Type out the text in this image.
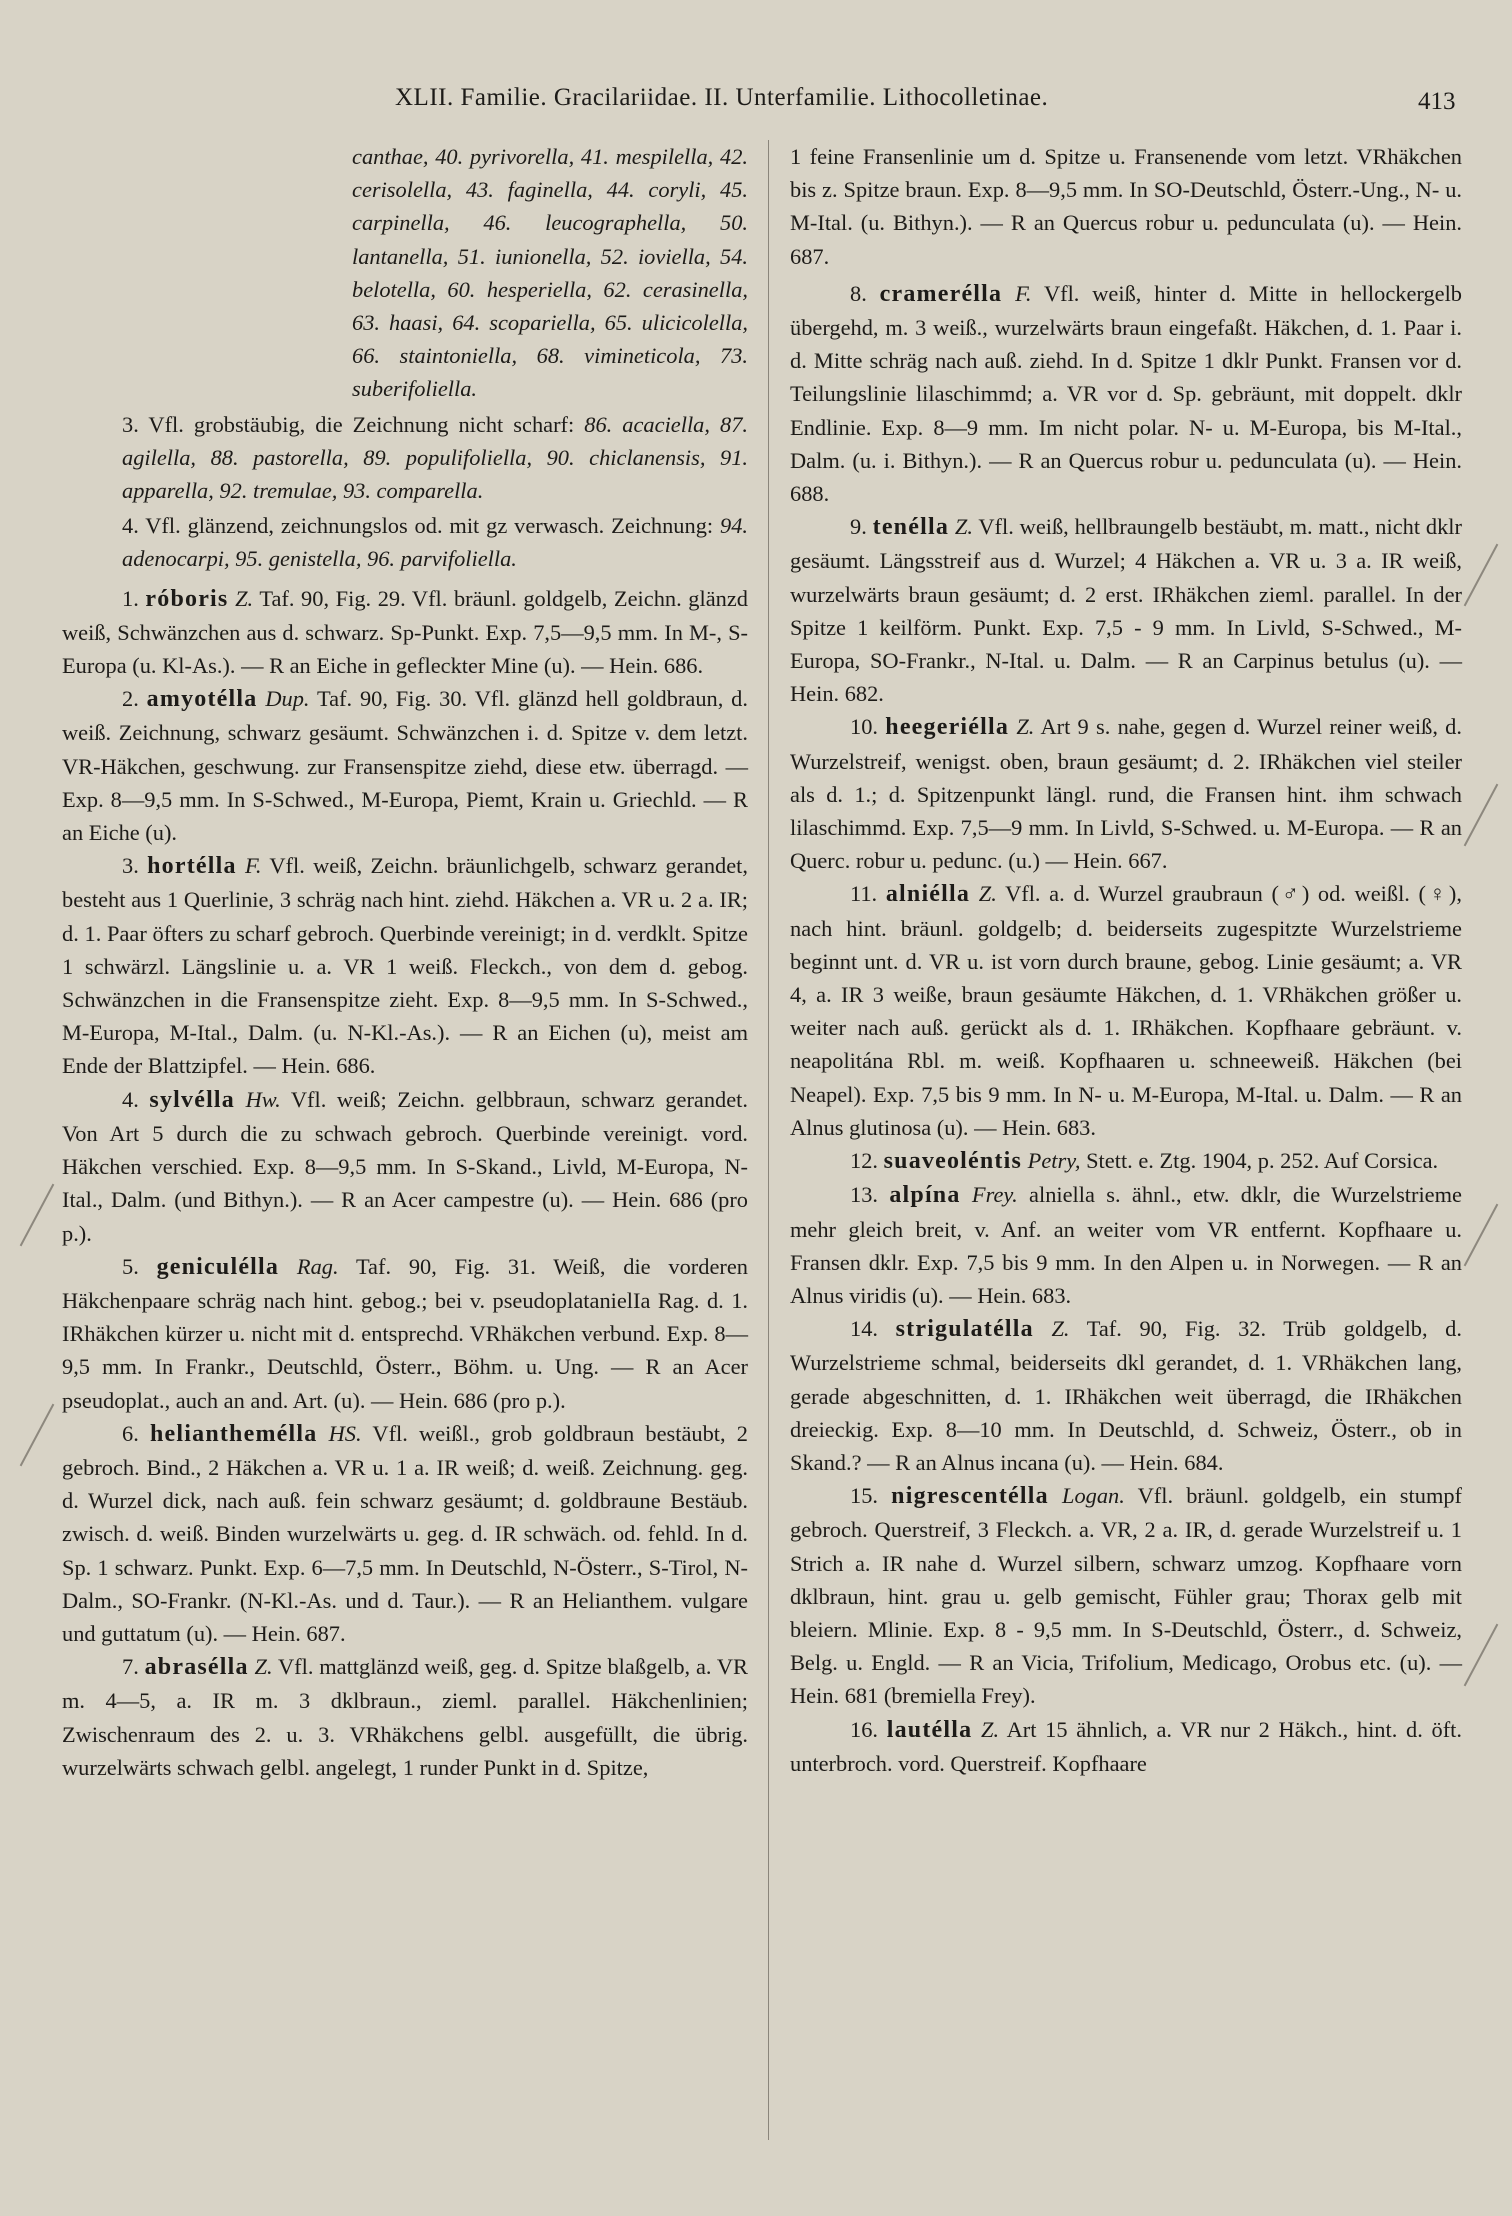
XLII. Familie. Gracilariidae. II. Unterfamilie. Lithocolletinae.	413

canthae, 40. pyrivorella, 41. mespilella, 42. cerisolella, 43. faginella, 44. coryli, 45. carpinella, 46. leucographella, 50. lantanella, 51. iunionella, 52. ioviella, 54. belotella, 60. hesperiella, 62. cerasinella, 63. haasi, 64. scopariella, 65. ulicicolella, 66. staintoniella, 68. vimineticola, 73. suberifoliella.

3. Vfl. grobstäubig, die Zeichnung nicht scharf: 86. acaciella, 87. agilella, 88. pastorella, 89. populifoliella, 90. chiclanensis, 91. apparella, 92. tremulae, 93. comparella.

4. Vfl. glänzend, zeichnungslos od. mit gz verwasch. Zeichnung: 94. adenocarpi, 95. genistella, 96. parvifoliella.

1. róboris Z. Taf. 90, Fig. 29. Vfl. bräunl. goldgelb, Zeichn. glänzd weiß, Schwänzchen aus d. schwarz. Sp-Punkt. Exp. 7,5—9,5 mm. In M-, S-Europa (u. Kl-As.). — R an Eiche in gefleckter Mine (u). — Hein. 686.

2. amyotélla Dup. Taf. 90, Fig. 30. Vfl. glänzd hell goldbraun, d. weiß. Zeichnung, schwarz gesäumt. Schwänzchen i. d. Spitze v. dem letzt. VR-Häkchen, geschwung. zur Fransenspitze ziehd, diese etw. überragd. — Exp. 8—9,5 mm. In S-Schwed., M-Europa, Piemt, Krain u. Griechld. — R an Eiche (u).

3. hortélla F. Vfl. weiß, Zeichn. bräunlichgelb, schwarz gerandet, besteht aus 1 Querlinie, 3 schräg nach hint. ziehd. Häkchen a. VR u. 2 a. IR; d. 1. Paar öfters zu scharf gebroch. Querbinde vereinigt; in d. verdklt. Spitze 1 schwärzl. Längslinie u. a. VR 1 weiß. Fleckch., von dem d. gebog. Schwänzchen in die Fransenspitze zieht. Exp. 8—9,5 mm. In S-Schwed., M-Europa, M-Ital., Dalm. (u. N-Kl.-As.). — R an Eichen (u), meist am Ende der Blattzipfel. — Hein. 686.

4. sylvélla Hw. Vfl. weiß; Zeichn. gelbbraun, schwarz gerandet. Von Art 5 durch die zu schwach gebroch. Querbinde vereinigt. vord. Häkchen verschied. Exp. 8—9,5 mm. In S-Skand., Livld, M-Europa, N-Ital., Dalm. (und Bithyn.). — R an Acer campestre (u). — Hein. 686 (pro p.).

5. geniculélla Rag. Taf. 90, Fig. 31. Weiß, die vorderen Häkchenpaare schräg nach hint. gebog.; bei v. pseudoplatanielIa Rag. d. 1. IRhäkchen kürzer u. nicht mit d. entsprechd. VRhäkchen verbund. Exp. 8—9,5 mm. In Frankr., Deutschld, Österr., Böhm. u. Ung. — R an Acer pseudoplat., auch an and. Art. (u). — Hein. 686 (pro p.).

6. helianthemélla HS. Vfl. weißl., grob goldbraun bestäubt, 2 gebroch. Bind., 2 Häkchen a. VR u. 1 a. IR weiß; d. weiß. Zeichnung. geg. d. Wurzel dick, nach auß. fein schwarz gesäumt; d. goldbraune Bestäub. zwisch. d. weiß. Binden wurzelwärts u. geg. d. IR schwäch. od. fehld. In d. Sp. 1 schwarz. Punkt. Exp. 6—7,5 mm. In Deutschld, N-Österr., S-Tirol, N-Dalm., SO-Frankr. (N-Kl.-As. und d. Taur.). — R an Helianthem. vulgare und guttatum (u). — Hein. 687.

7. abrasélla Z. Vfl. mattglänzd weiß, geg. d. Spitze blaßgelb, a. VR m. 4—5, a. IR m. 3 dklbraun., zieml. parallel. Häkchenlinien; Zwischenraum des 2. u. 3. VRhäkchens gelbl. ausgefüllt, die übrig. wurzelwärts schwach gelbl. angelegt, 1 runder Punkt in d. Spitze,

1 feine Fransenlinie um d. Spitze u. Fransenende vom letzt. VRhäkchen bis z. Spitze braun. Exp. 8—9,5 mm. In SO-Deutschld, Österr.-Ung., N- u. M-Ital. (u. Bithyn.). — R an Quercus robur u. pedunculata (u). — Hein. 687.

8. cramerélla F. Vfl. weiß, hinter d. Mitte in hellockergelb übergehd, m. 3 weiß., wurzelwärts braun eingefaßt. Häkchen, d. 1. Paar i. d. Mitte schräg nach auß. ziehd. In d. Spitze 1 dklr Punkt. Fransen vor d. Teilungslinie lilaschimmd; a. VR vor d. Sp. gebräunt, mit doppelt. dklr Endlinie. Exp. 8—9 mm. Im nicht polar. N- u. M-Europa, bis M-Ital., Dalm. (u. i. Bithyn.). — R an Quercus robur u. pedunculata (u). — Hein. 688.

9. tenélla Z. Vfl. weiß, hellbraungelb bestäubt, m. matt., nicht dklr gesäumt. Längsstreif aus d. Wurzel; 4 Häkchen a. VR u. 3 a. IR weiß, wurzelwärts braun gesäumt; d. 2 erst. IRhäkchen zieml. parallel. In der Spitze 1 keilförm. Punkt. Exp. 7,5 - 9 mm. In Livld, S-Schwed., M-Europa, SO-Frankr., N-Ital. u. Dalm. — R an Carpinus betulus (u). — Hein. 682.

10. heegeriélla Z. Art 9 s. nahe, gegen d. Wurzel reiner weiß, d. Wurzelstreif, wenigst. oben, braun gesäumt; d. 2. IRhäkchen viel steiler als d. 1.; d. Spitzenpunkt längl. rund, die Fransen hint. ihm schwach lilaschimmd. Exp. 7,5—9 mm. In Livld, S-Schwed. u. M-Europa. — R an Querc. robur u. pedunc. (u.) — Hein. 667.

11. alniélla Z. Vfl. a. d. Wurzel graubraun (♂) od. weißl. (♀), nach hint. bräunl. goldgelb; d. beiderseits zugespitzte Wurzelstrieme beginnt unt. d. VR u. ist vorn durch braune, gebog. Linie gesäumt; a. VR 4, a. IR 3 weiße, braun gesäumte Häkchen, d. 1. VRhäkchen größer u. weiter nach auß. gerückt als d. 1. IRhäkchen. Kopfhaare gebräunt. v. neapolitána Rbl. m. weiß. Kopfhaaren u. schneeweiß. Häkchen (bei Neapel). Exp. 7,5 bis 9 mm. In N- u. M-Europa, M-Ital. u. Dalm. — R an Alnus glutinosa (u). — Hein. 683.

12. suaveoléntis Petry, Stett. e. Ztg. 1904, p. 252. Auf Corsica.

13. alpína Frey. alniella s. ähnl., etw. dklr, die Wurzelstrieme mehr gleich breit, v. Anf. an weiter vom VR entfernt. Kopfhaare u. Fransen dklr. Exp. 7,5 bis 9 mm. In den Alpen u. in Norwegen. — R an Alnus viridis (u). — Hein. 683.

14. strigulatélla Z. Taf. 90, Fig. 32. Trüb goldgelb, d. Wurzelstrieme schmal, beiderseits dkl gerandet, d. 1. VRhäkchen lang, gerade abgeschnitten, d. 1. IRhäkchen weit überragd, die IRhäkchen dreieckig. Exp. 8—10 mm. In Deutschld, d. Schweiz, Österr., ob in Skand.? — R an Alnus incana (u). — Hein. 684.

15. nigrescentélla Logan. Vfl. bräunl. goldgelb, ein stumpf gebroch. Querstreif, 3 Fleckch. a. VR, 2 a. IR, d. gerade Wurzelstreif u. 1 Strich a. IR nahe d. Wurzel silbern, schwarz umzog. Kopfhaare vorn dklbraun, hint. grau u. gelb gemischt, Fühler grau; Thorax gelb mit bleiern. Mlinie. Exp. 8 - 9,5 mm. In S-Deutschld, Österr., d. Schweiz, Belg. u. Engld. — R an Vicia, Trifolium, Medicago, Orobus etc. (u). — Hein. 681 (bremiella Frey).

16. lautélla Z. Art 15 ähnlich, a. VR nur 2 Häkch., hint. d. öft. unterbroch. vord. Querstreif. Kopfhaare
